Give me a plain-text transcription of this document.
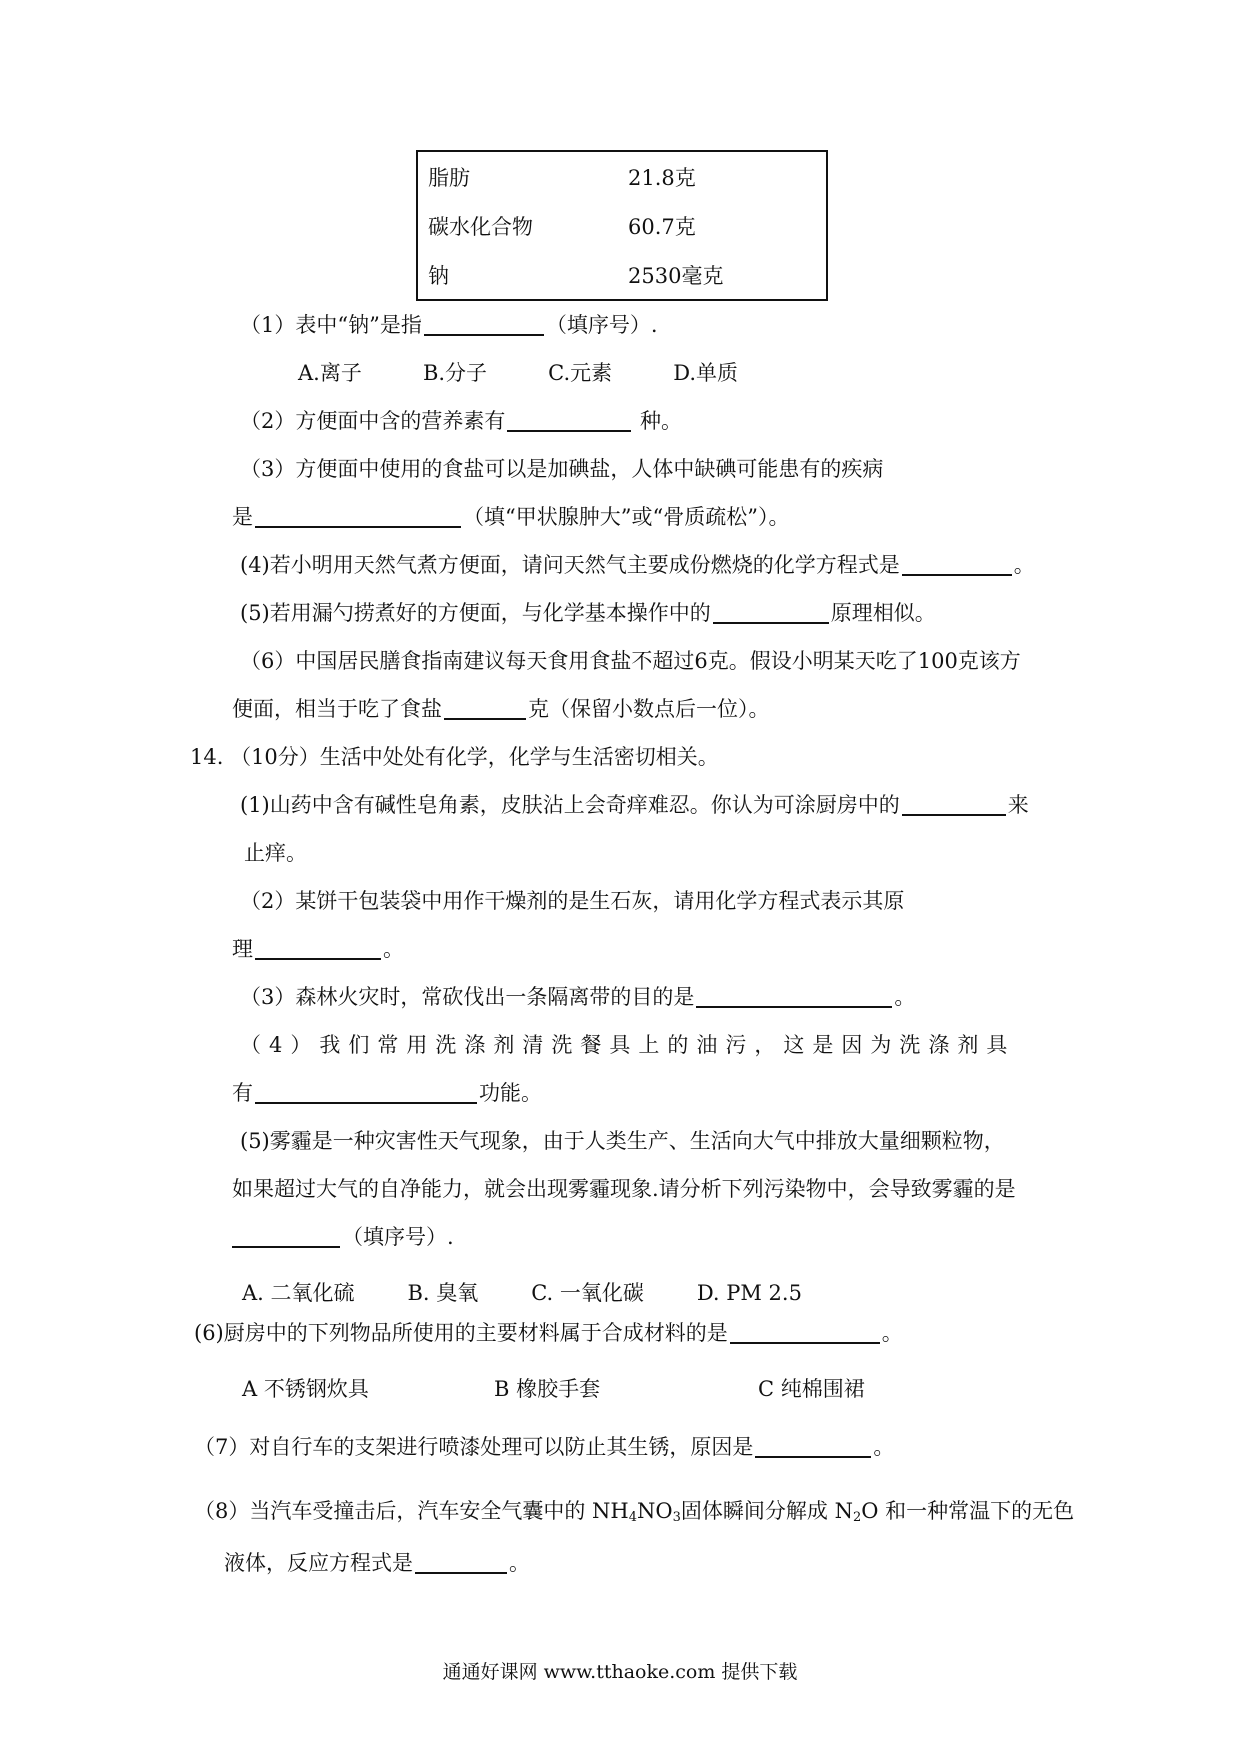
脂肪	21.8克
碳水化合物	60.7克
钠	2530毫克
（1）表中“钠”是指	（填序号）.
A.离子	B.分子	C.元素	D.单质
（2）方便面中含的营养素有	种。
（3）方便面中使用的食盐可以是加碘盐，人体中缺碘可能患有的疾病
是	（填“甲状腺肿大”或“骨质疏松”）。
(4)若小明用天然气煮方便面，请问天然气主要成份燃烧的化学方程式是	。
(5)若用漏勺捞煮好的方便面，与化学基本操作中的	原理相似。
（6）中国居民膳食指南建议每天食用食盐不超过6克。假设小明某天吃了100克该方
便面，相当于吃了食盐	克（保留小数点后一位）。
14. （10分）生活中处处有化学，化学与生活密切相关。
(1)山药中含有碱性皂角素，皮肤沾上会奇痒难忍。你认为可涂厨房中的	来
止痒。
（2）某饼干包装袋中用作干燥剂的是生石灰，请用化学方程式表示其原
理	。
（3）森林火灾时，常砍伐出一条隔离带的目的是	。
（4）我们常用洗涤剂清洗餐具上的油污，这是因为洗涤剂具
有	功能。
(5)雾霾是一种灾害性天气现象，由于人类生产、生活向大气中排放大量细颗粒物，
如果超过大气的自净能力，就会出现雾霾现象.请分析下列污染物中，会导致雾霾的是
（填序号）.
A. 二氧化硫	B. 臭氧	C. 一氧化碳	D. PM 2.5
(6)厨房中的下列物品所使用的主要材料属于合成材料的是	。
A 不锈钢炊具	B 橡胶手套	C 纯棉围裙
（7）对自行车的支架进行喷漆处理可以防止其生锈，原因是	。
（8）当汽车受撞击后，汽车安全气囊中的 $NH_4NO_3$固体瞬间分解成 $N_2O$ 和一种常温下的无色
液体，反应方程式是	。
通通好课网 www.tthaoke.com 提供下载
